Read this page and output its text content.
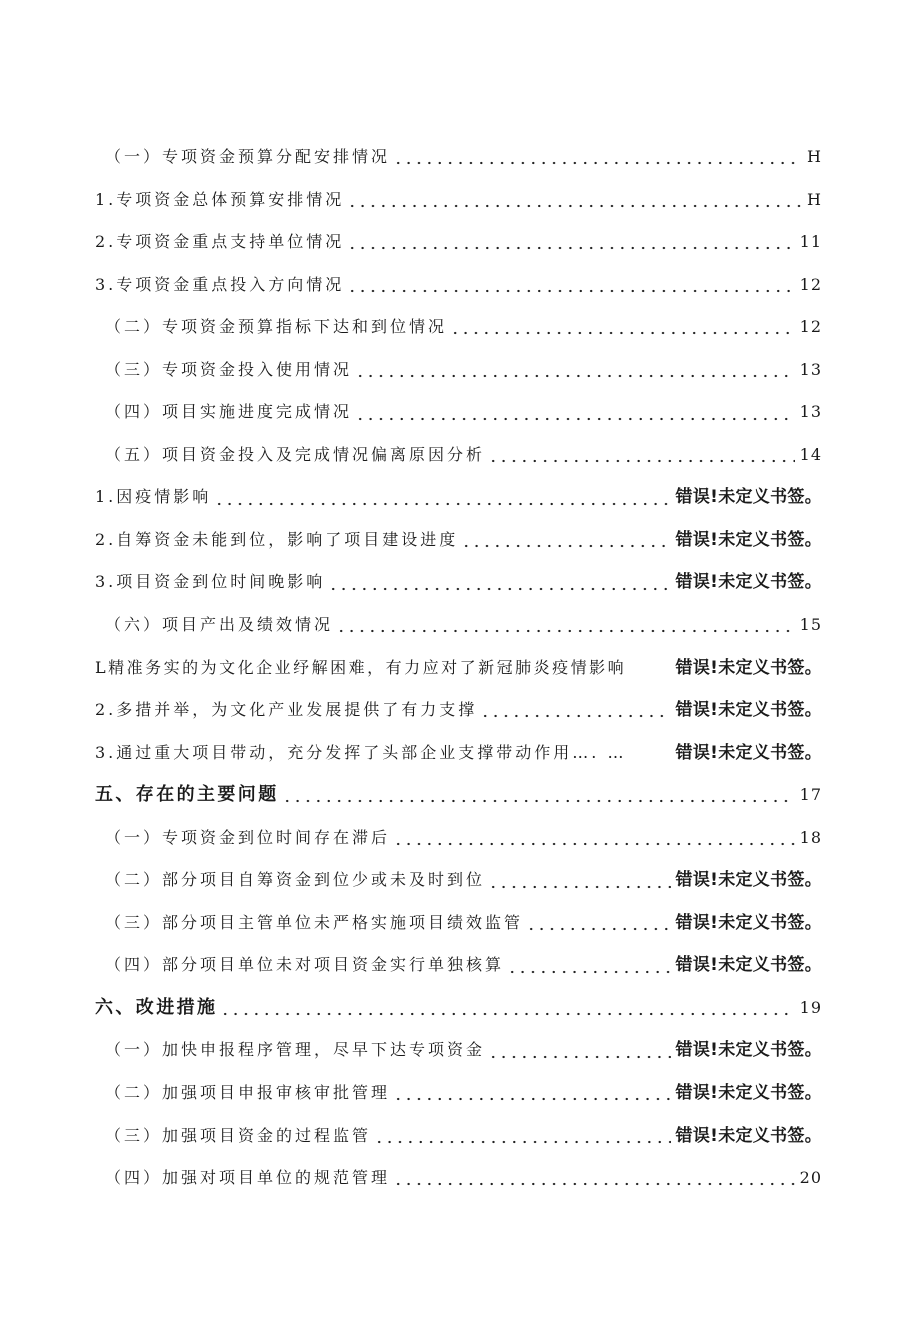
（一）专项资金预算分配安排情况	H
1.专项资金总体预算安排情况	H
2.专项资金重点支持单位情况	11
3.专项资金重点投入方向情况	12
（二）专项资金预算指标下达和到位情况	12
（三）专项资金投入使用情况	13
（四）项目实施进度完成情况	13
（五）项目资金投入及完成情况偏离原因分析	14
1.因疫情影响	错误!未定义书签。
2.自筹资金未能到位，影响了项目建设进度	错误!未定义书签。
3.项目资金到位时间晚影响	错误!未定义书签。
（六）项目产出及绩效情况	15
L精准务实的为文化企业纾解困难，有力应对了新冠肺炎疫情影响	错误!未定义书签。
2.多措并举，为文化产业发展提供了有力支撑	错误!未定义书签。
3.通过重大项目带动，充分发挥了头部企业支撑带动作用…. …	错误!未定义书签。
五、存在的主要问题	17
（一）专项资金到位时间存在滞后	18
（二）部分项目自筹资金到位少或未及时到位	错误!未定义书签。
（三）部分项目主管单位未严格实施项目绩效监管	错误!未定义书签。
（四）部分项目单位未对项目资金实行单独核算	错误!未定义书签。
六、改进措施	19
（一）加快申报程序管理，尽早下达专项资金	错误!未定义书签。
（二）加强项目申报审核审批管理	错误!未定义书签。
（三）加强项目资金的过程监管	错误!未定义书签。
（四）加强对项目单位的规范管理	20
